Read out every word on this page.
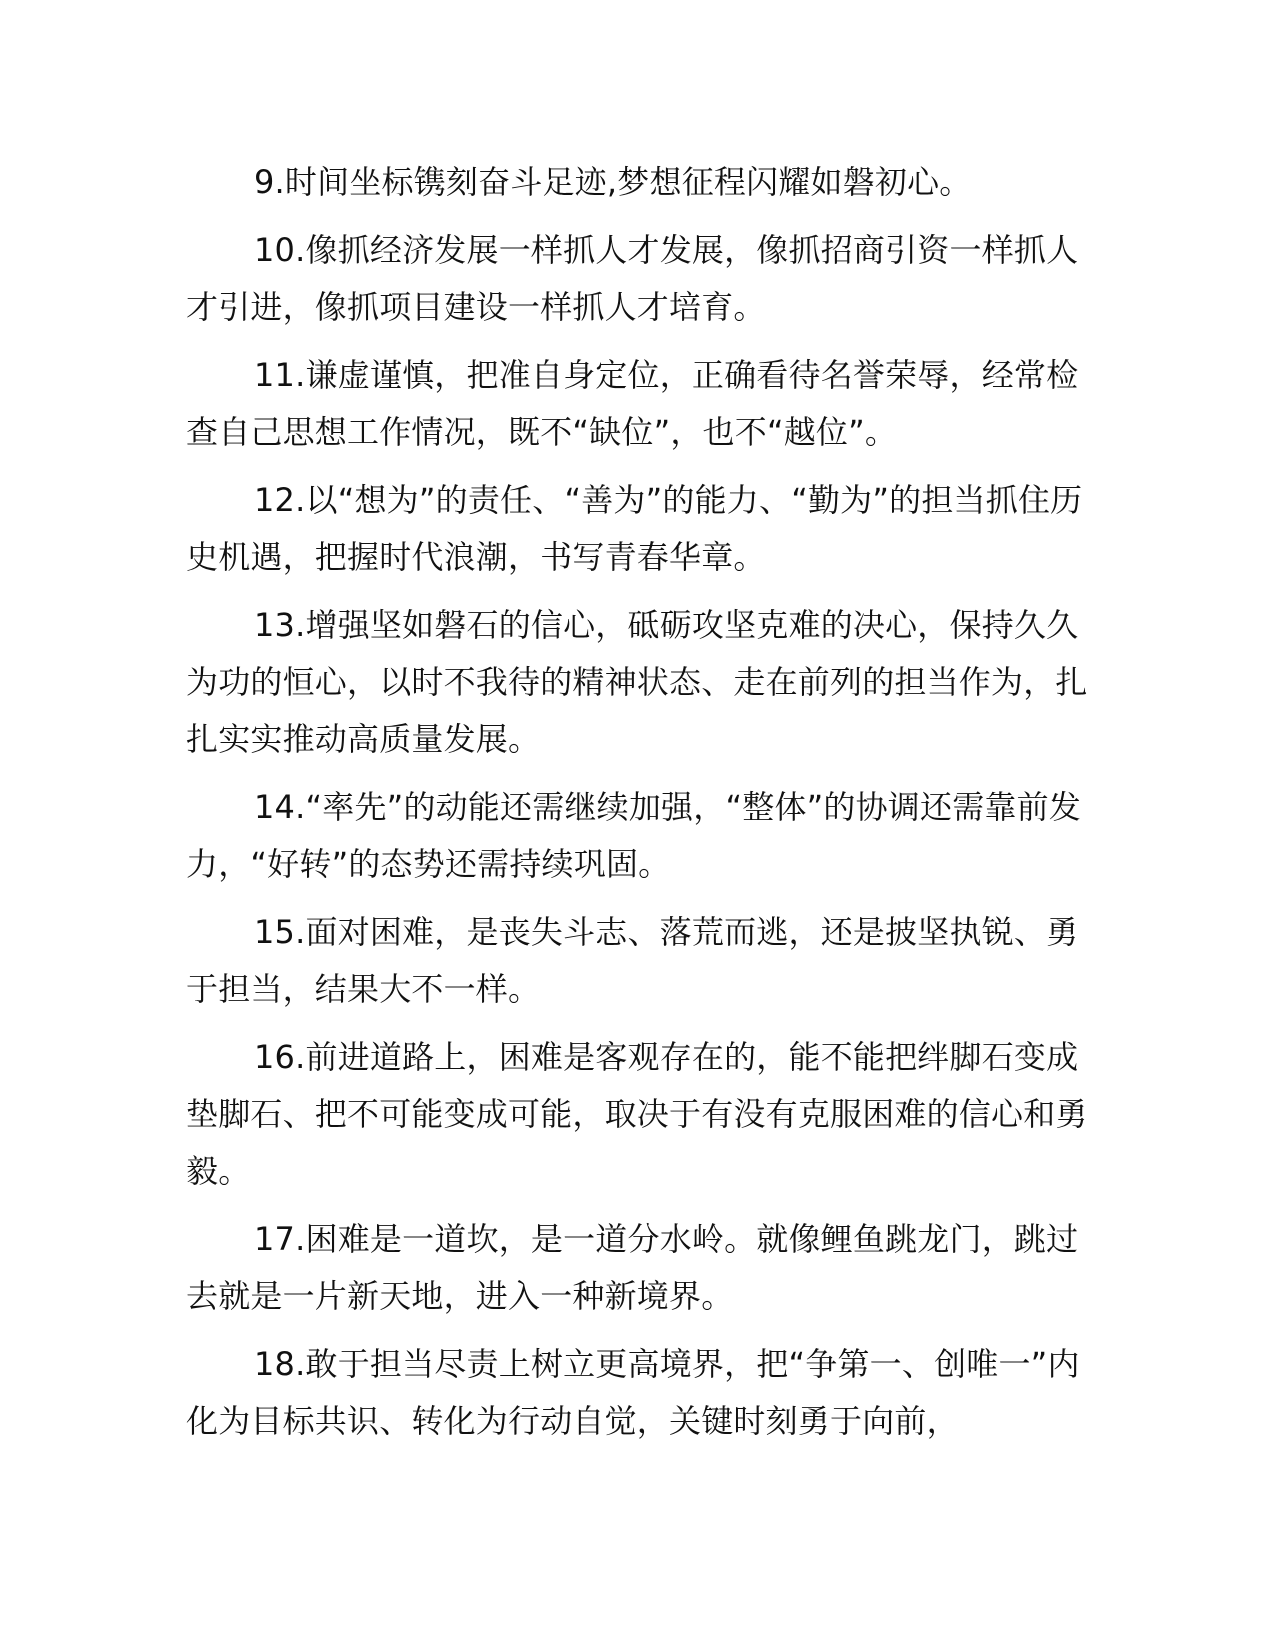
9.时间坐标镌刻奋斗足迹,梦想征程闪耀如磐初心。

10.像抓经济发展一样抓人才发展，像抓招商引资一样抓人才引进，像抓项目建设一样抓人才培育。

11.谦虚谨慎，把准自身定位，正确看待名誉荣辱，经常检查自己思想工作情况，既不“缺位”，也不“越位”。

12.以“想为”的责任、“善为”的能力、“勤为”的担当抓住历史机遇，把握时代浪潮，书写青春华章。

13.增强坚如磐石的信心，砥砺攻坚克难的决心，保持久久为功的恒心，以时不我待的精神状态、走在前列的担当作为，扎扎实实推动高质量发展。

14.“率先”的动能还需继续加强，“整体”的协调还需靠前发力，“好转”的态势还需持续巩固。

15.面对困难，是丧失斗志、落荒而逃，还是披坚执锐、勇于担当，结果大不一样。

16.前进道路上，困难是客观存在的，能不能把绊脚石变成垫脚石、把不可能变成可能，取决于有没有克服困难的信心和勇毅。

17.困难是一道坎，是一道分水岭。就像鲤鱼跳龙门，跳过去就是一片新天地，进入一种新境界。

18.敢于担当尽责上树立更高境界，把“争第一、创唯一”内化为目标共识、转化为行动自觉，关键时刻勇于向前，
